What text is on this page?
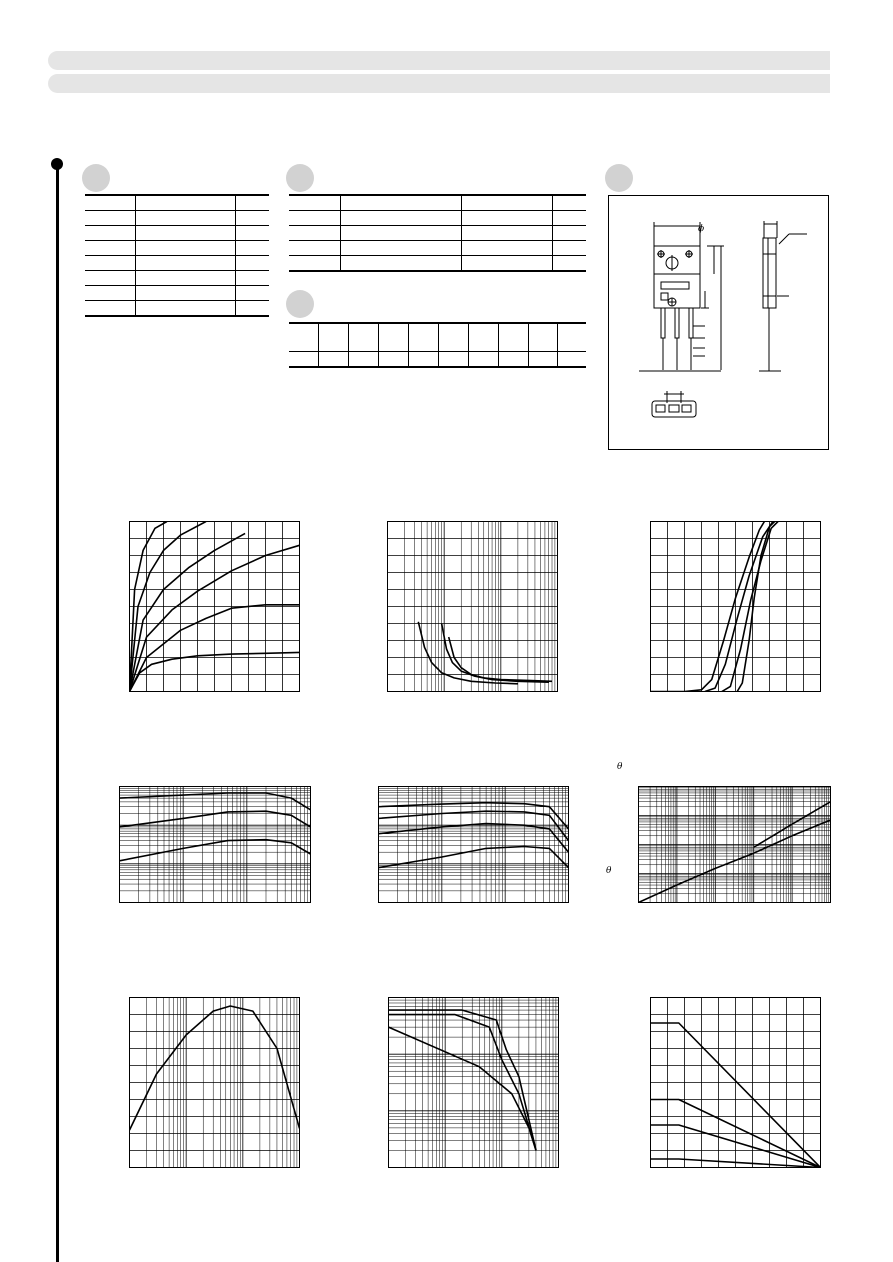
ϕ
θ
θ
